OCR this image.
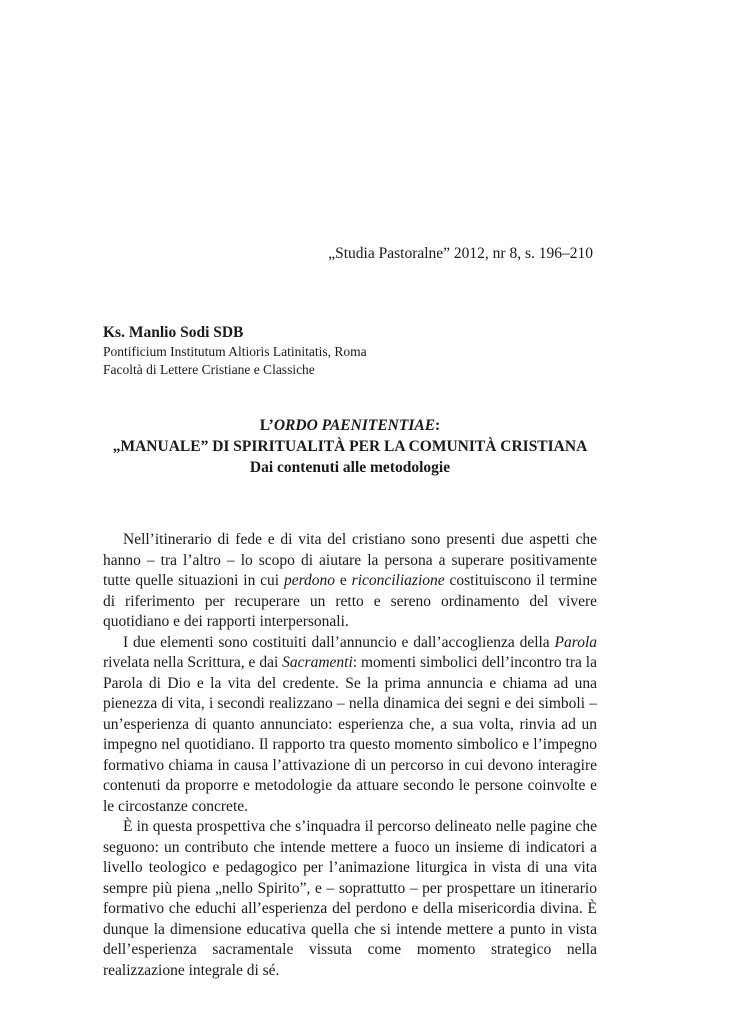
„Studia Pastoralne” 2012, nr 8, s. 196–210
Ks. Manlio Sodi SDB
Pontificium Institutum Altioris Latinitatis, Roma
Facoltà di Lettere Cristiane e Classiche
L’ORDO PAENITENTIAE:
„MANUALE” DI SPIRITUALITÀ PER LA COMUNITÀ CRISTIANA
Dai contenuti alle metodologie

Nell’itinerario di fede e di vita del cristiano sono presenti due aspetti che hanno – tra l’altro – lo scopo di aiutare la persona a superare positivamente tutte quelle situazioni in cui perdono e riconciliazione costituiscono il termine di riferimento per recuperare un retto e sereno ordinamento del vivere quotidiano e dei rapporti interpersonali.

I due elementi sono costituiti dall’annuncio e dall’accoglienza della Parola rivelata nella Scrittura, e dai Sacramenti: momenti simbolici dell’incontro tra la Parola di Dio e la vita del credente. Se la prima annuncia e chiama ad una pienezza di vita, i secondi realizzano – nella dinamica dei segni e dei simboli – un’esperienza di quanto annunciato: esperienza che, a sua volta, rinvia ad un impegno nel quotidiano. Il rapporto tra questo momento simbolico e l’impegno formativo chiama in causa l’attivazione di un percorso in cui devono interagire contenuti da proporre e metodologie da attuare secondo le persone coinvolte e le circostanze concrete.

È in questa prospettiva che s’inquadra il percorso delineato nelle pagine che seguono: un contributo che intende mettere a fuoco un insieme di indicatori a livello teologico e pedagogico per l’animazione liturgica in vista di una vita sempre più piena „nello Spirito”, e – soprattutto – per prospettare un itinerario formativo che educhi all’esperienza del perdono e della misericordia divina. È dunque la dimensione educativa quella che si intende mettere a punto in vista dell’esperienza sacramentale vissuta come momento strategico nella realizzazione integrale di sé.
